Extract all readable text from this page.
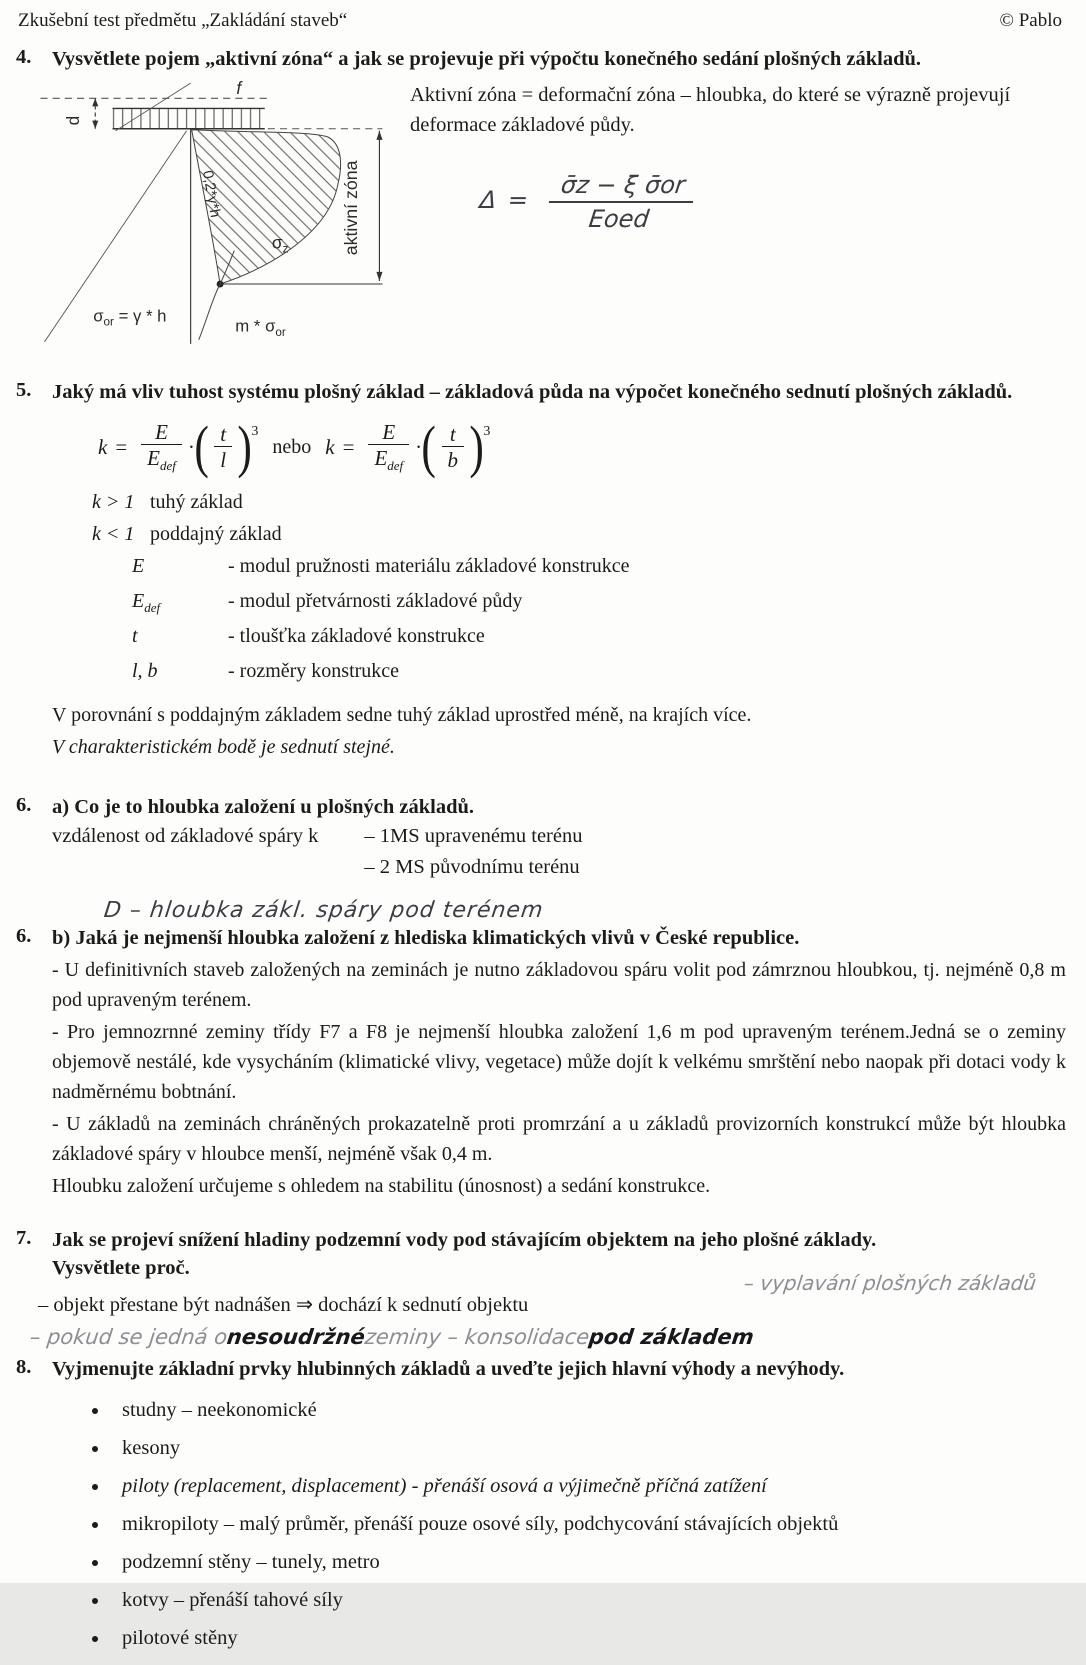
Zkušební test předmětu „Zakládání staveb“	© Pablo
4.	Vysvětlete pojem „aktivní zóna“ a jak se projevuje při výpočtu konečného sedání plošných základů.
f
d
0,2*γ*h
$\sigma_z$	aktivní zóna
$\sigma_{or} = \gamma * h$
m * $\sigma_{or}$
Aktivní zóna = deformační zóna – hloubka, do které se výrazně projevují deformace základové půdy.
$\Delta = \frac{\text{σ̄z − ξ σ̄or}}{\text{Eoed}}$
5.	Jaký má vliv tuhost systému plošný základ – základová půda na výpočet konečného sednutí plošných základů.
$k = \frac{E}{E_{def}}$ · ( $\frac{t}{l} )^3$
nebo $k = \frac{E}{E_{def}}$ · ( $\frac{t}{b} )^3$
k > 1 tuhý základ
k < 1 poddajný základ
E	- modul pružnosti materiálu základové konstrukce
$E_{def}$	- modul přetvárnosti základové půdy
t	- tloušťka základové konstrukce
l, b	- rozměry konstrukce
V porovnání s poddajným základem sedne tuhý základ uprostřed méně, na krajích více.
V charakteristickém bodě je sednutí stejné.
6.	a) Co je to hloubka založení u plošných základů.
vzdálenost od základové spáry k – 1MS upravenému terénu
– 2 MS původnímu terénu
D – hloubka zákl. spáry pod terénem
6.	b) Jaká je nejmenší hloubka založení z hlediska klimatických vlivů v České republice.
- U definitivních staveb založených na zeminách je nutno základovou spáru volit pod zámrznou hloubkou, tj. nejméně 0,8 m pod upraveným terénem.
- Pro jemnozrnné zeminy třídy F7 a F8 je nejmenší hloubka založení 1,6 m pod upraveným terénem.Jedná se o zeminy objemově nestálé, kde vysycháním (klimatické vlivy, vegetace) může dojít k velkému smrštění nebo naopak při dotaci vody k nadměrnému bobtnání.
- U základů na zeminách chráněných prokazatelně proti promrzání a u základů provizorních konstrukcí může být hloubka základové spáry v hloubce menší, nejméně však 0,4 m.
Hloubku založení určujeme s ohledem na stabilitu (únosnost) a sedání konstrukce.
7.	Jak se projeví snížení hladiny podzemní vody pod stávajícím objektem na jeho plošné základy.
Vysvětlete proč.
– vyplavání plošných základů
– objekt přestane být nadnášen ⇒ dochází k sednutí objektu
– pokud se jedná onesoudržnézeminy – konsolidacepod základem
8.	Vyjmenujte základní prvky hlubinných základů a uveďte jejich hlavní výhody a nevýhody.
• studny – neekonomické
• kesony
• piloty (replacement, displacement) - přenáší osová a výjimečně příčná zatížení
• mikropiloty – malý průměr, přenáší pouze osové síly, podchycování stávajících objektů
• podzemní stěny – tunely, metro
• kotvy – přenáší tahové síly
• pilotové stěny
